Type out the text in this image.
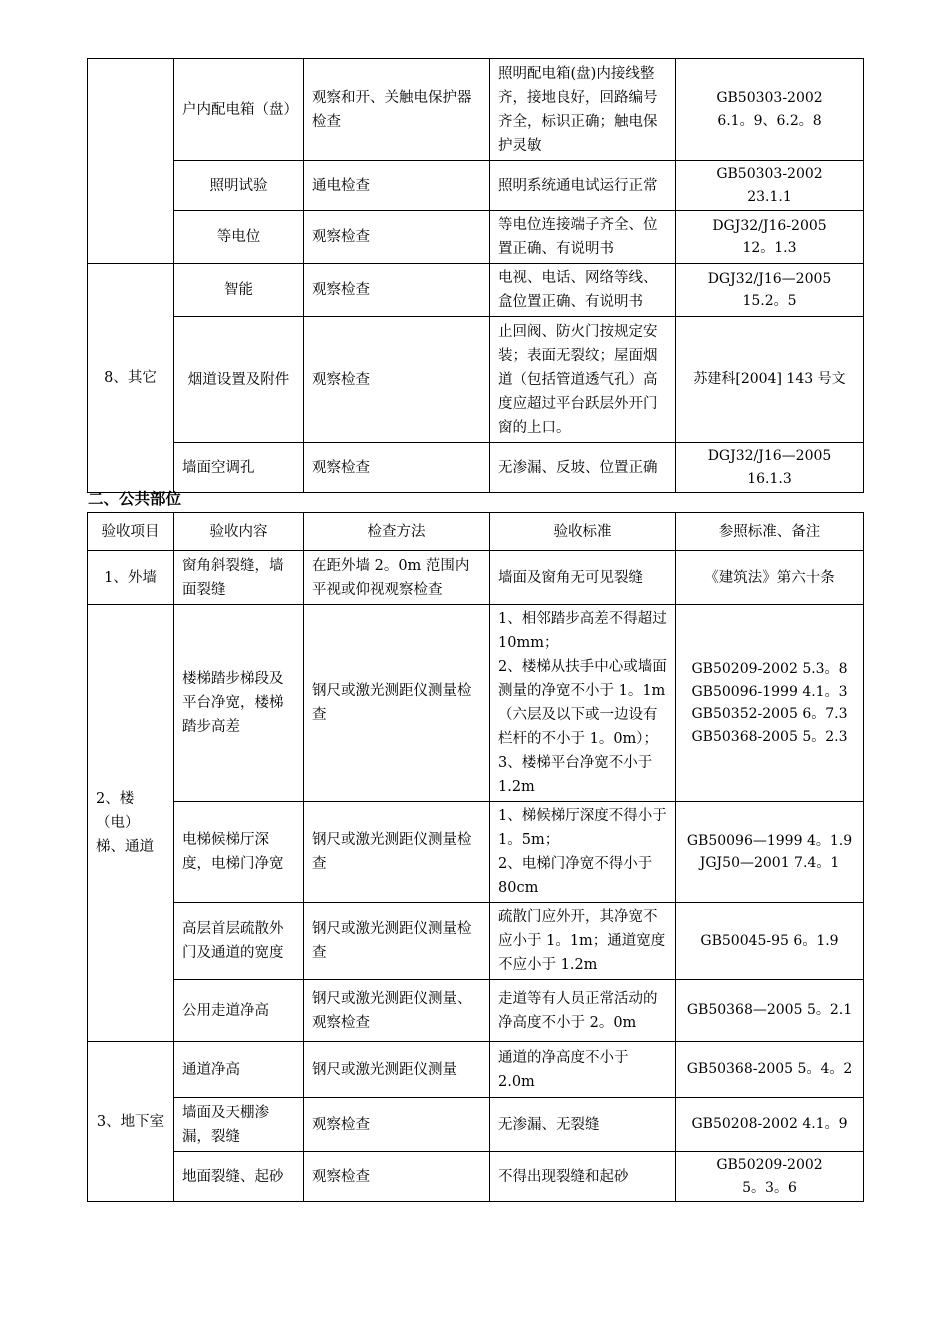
	户内配电箱（盘）	观察和开、关触电保护器检查	照明配电箱(盘)内接线整齐，接地良好，回路编号齐全，标识正确；触电保护灵敏	GB50303-2002
6.1。9、6.2。8

	照明试验	通电检查	照明系统通电试运行正常	GB50303-2002
23.1.1

	等电位	观察检查	等电位连接端子齐全、位置正确、有说明书	DGJ32/J16-2005
12。1.3

8、其它	智能	观察检查	电视、电话、网络等线、盒位置正确、有说明书	DGJ32/J16—2005
15.2。5

	烟道设置及附件	观察检查	止回阀、防火门按规定安装；表面无裂纹；屋面烟道（包括管道透气孔）高度应超过平台跃层外开门窗的上口。	苏建科[2004] 143 号文
	墙面空调孔	观察检查	无渗漏、反坡、位置正确	DGJ32/J16—2005
16.1.3
二、公共部位
验收项目	验收内容	检查方法	验收标准	参照标准、备注
1、外墙	窗角斜裂缝，墙面裂缝	在距外墙 2。0m 范围内平视或仰视观察检查	墙面及窗角无可见裂缝	《建筑法》第六十条
2、楼（电）梯、通道	楼梯踏步梯段及平台净宽，楼梯踏步高差	钢尺或激光测距仪测量检查	1、相邻踏步高差不得超过 10mm；
2、楼梯从扶手中心或墙面测量的净宽不小于 1。1m（六层及以下或一边设有栏杆的不小于 1。0m）；
3、楼梯平台净宽不小于 1.2m	GB50209-2002 5.3。8
GB50096-1999 4.1。3
GB50352-2005 6。7.3
GB50368-2005 5。2.3

	电梯候梯厅深度，电梯门净宽	钢尺或激光测距仪测量检查	1、梯候梯厅深度不得小于 1。5m；
2、电梯门净宽不得小于 80cm	GB50096—1999 4。1.9
JGJ50—2001 7.4。1

	高层首层疏散外门及通道的宽度	钢尺或激光测距仪测量检查	疏散门应外开，其净宽不应小于 1。1m；通道宽度不应小于 1.2m	GB50045-95 6。1.9
	公用走道净高	钢尺或激光测距仪测量、观察检查	走道等有人员正常活动的净高度不小于 2。0m	GB50368—2005 5。2.1
3、地下室	通道净高	钢尺或激光测距仪测量	通道的净高度不小于 2.0m	GB50368-2005 5。4。2
	墙面及天棚渗漏，裂缝	观察检查	无渗漏、无裂缝	GB50208-2002 4.1。9
	地面裂缝、起砂	观察检查	不得出现裂缝和起砂	GB50209-2002
5。3。6
